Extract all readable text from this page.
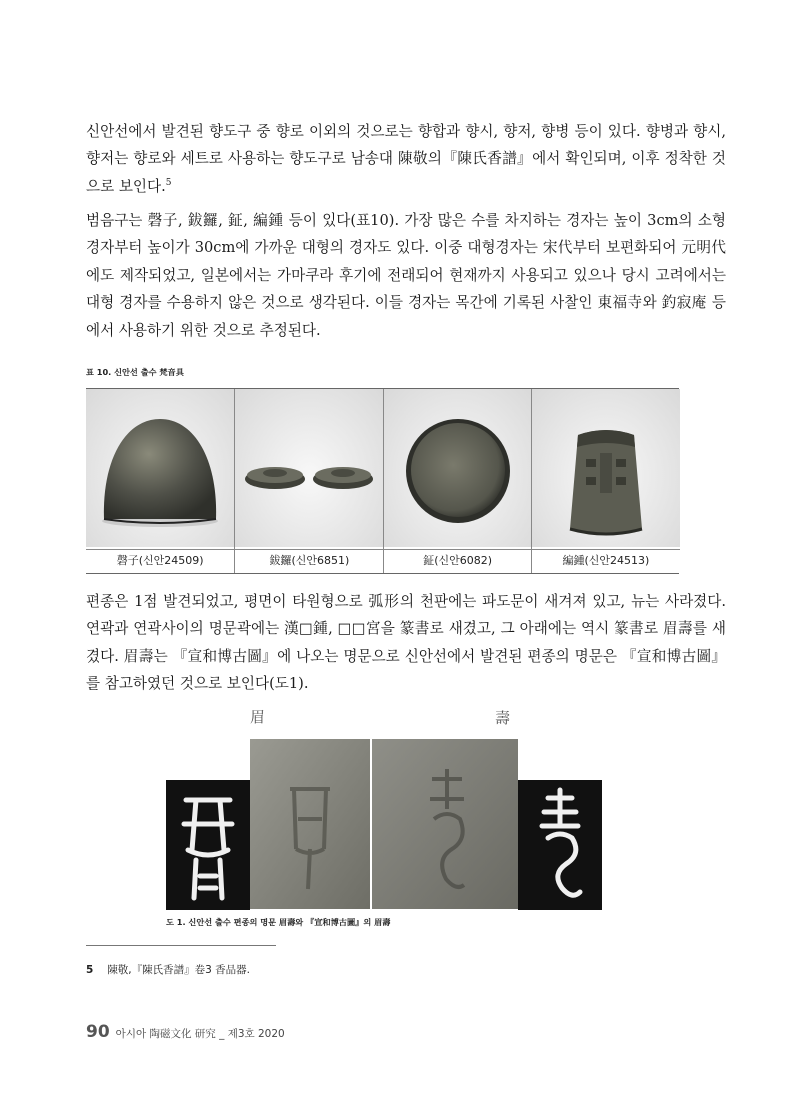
신안선에서 발견된 향도구 중 향로 이외의 것으로는 향합과 향시, 향저, 향병 등이 있다. 향병과 향시, 향저는 향로와 세트로 사용하는 향도구로 남송대 陳敬의『陳氏香譜』에서 확인되며, 이후 정착한 것으로 보인다.$^5$

범음구는 磬子, 鈸鑼, 鉦, 編鍾 등이 있다(표10). 가장 많은 수를 차지하는 경자는 높이 3cm의 소형 경자부터 높이가 30cm에 가까운 대형의 경자도 있다. 이중 대형경자는 宋代부터 보편화되어 元明代에도 제작되었고, 일본에서는 가마쿠라 후기에 전래되어 현재까지 사용되고 있으나 당시 고려에서는 대형 경자를 수용하지 않은 것으로 생각된다. 이들 경자는 목간에 기록된 사찰인 東福寺와 釣寂庵 등에서 사용하기 위한 것으로 추정된다.

표 10. 신안선 출수 梵音具
磬子(신안24509)	鈸鑼(신안6851)	鉦(신안6082)	編鍾(신안24513)

편종은 1점 발견되었고, 평면이 타원형으로 弧形의 천판에는 파도문이 새겨져 있고, 뉴는 사라졌다. 연곽과 연곽사이의 명문곽에는 漢□鍾, □□宮을 篆書로 새겼고, 그 아래에는 역시 篆書로 眉壽를 새겼다. 眉壽는 『宣和博古圖』에 나오는 명문으로 신안선에서 발견된 편종의 명문은 『宣和博古圖』를 참고하였던 것으로 보인다(도1).

眉	壽
도 1. 신안선 출수 편종의 명문 眉壽와 『宣和博古圖』의 眉壽
5 陳敬,『陳氏香譜』卷3 香品器.
90 아시아 陶磁文化 研究 _ 제3호 2020
